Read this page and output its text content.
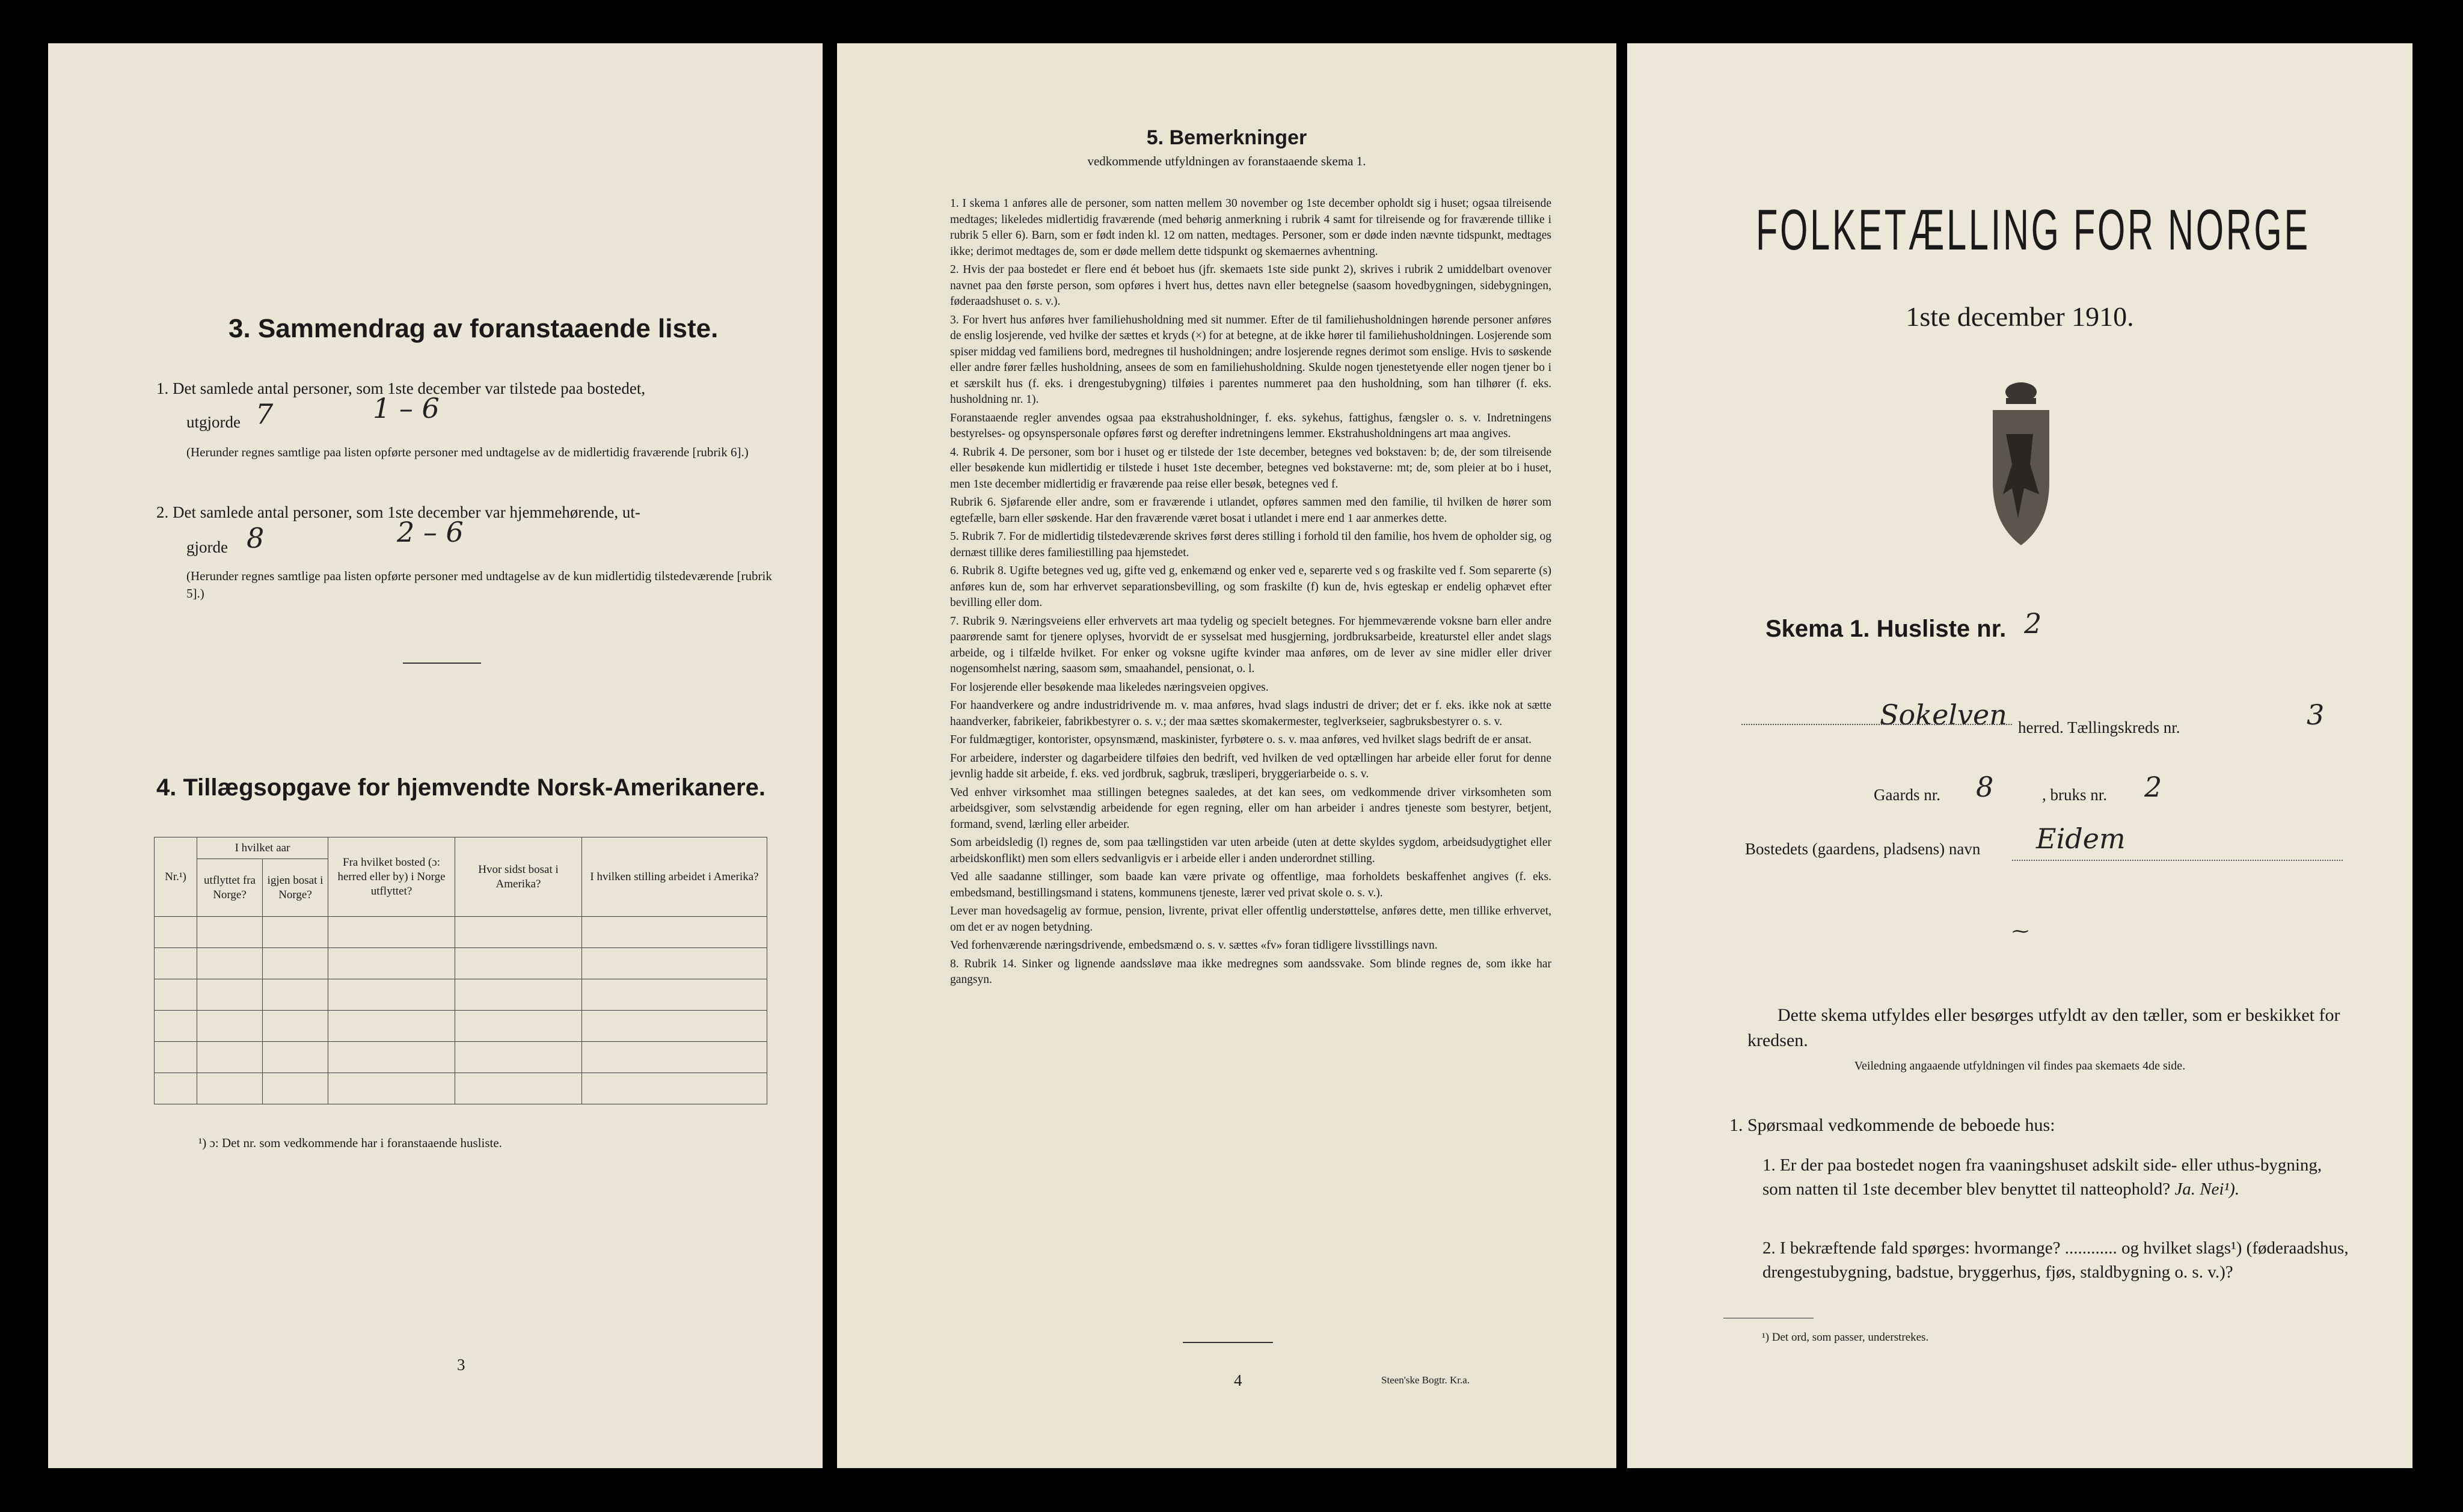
3. Sammendrag av foranstaaende liste.
1. Det samlede antal personer, som 1ste december var tilstede paa bostedet,
utgjorde 7	1 – 6
(Herunder regnes samtlige paa listen opførte personer med undtagelse av de midlertidig fraværende [rubrik 6].)
2. Det samlede antal personer, som 1ste december var hjemmehørende, ut-
gjorde 8	2 – 6
(Herunder regnes samtlige paa listen opførte personer med undtagelse av de kun midlertidig tilstedeværende [rubrik 5].)
4. Tillægsopgave for hjemvendte Norsk-Amerikanere.
Nr.¹)	I hvilket aar		Fra hvilket bosted (ɔ: herred eller by) i Norge utflyttet?	Hvor sidst bosat i Amerika?	I hvilken stilling arbeidet i Amerika?
	utflyttet fra Norge?	igjen bosat i Norge?			

¹) ɔ: Det nr. som vedkommende har i foranstaaende husliste.
3
5. Bemerkninger
vedkommende utfyldningen av foranstaaende skema 1.

1. I skema 1 anføres alle de personer, som natten mellem 30 november og 1ste december opholdt sig i huset; ogsaa tilreisende medtages; likeledes midlertidig fraværende (med behørig anmerkning i rubrik 4 samt for tilreisende og for fraværende tillike i rubrik 5 eller 6). Barn, som er født inden kl. 12 om natten, medtages. Personer, som er døde inden nævnte tidspunkt, medtages ikke; derimot medtages de, som er døde mellem dette tidspunkt og skemaernes avhentning.

2. Hvis der paa bostedet er flere end ét beboet hus (jfr. skemaets 1ste side punkt 2), skrives i rubrik 2 umiddelbart ovenover navnet paa den første person, som opføres i hvert hus, dettes navn eller betegnelse (saasom hovedbygningen, sidebygningen, føderaadshuset o. s. v.).

3. For hvert hus anføres hver familiehusholdning med sit nummer. Efter de til familiehusholdningen hørende personer anføres de enslig losjerende, ved hvilke der sættes et kryds (×) for at betegne, at de ikke hører til familiehusholdningen. Losjerende som spiser middag ved familiens bord, medregnes til husholdningen; andre losjerende regnes derimot som enslige. Hvis to søskende eller andre fører fælles husholdning, ansees de som en familiehusholdning. Skulde nogen tjenestetyende eller nogen tjener bo i et særskilt hus (f. eks. i drengestubygning) tilføies i parentes nummeret paa den husholdning, som han tilhører (f. eks. husholdning nr. 1).

Foranstaaende regler anvendes ogsaa paa ekstrahusholdninger, f. eks. sykehus, fattighus, fængsler o. s. v. Indretningens bestyrelses- og opsynspersonale opføres først og derefter indretningens lemmer. Ekstrahusholdningens art maa angives.

4. Rubrik 4. De personer, som bor i huset og er tilstede der 1ste december, betegnes ved bokstaven: b; de, der som tilreisende eller besøkende kun midlertidig er tilstede i huset 1ste december, betegnes ved bokstaverne: mt; de, som pleier at bo i huset, men 1ste december midlertidig er fraværende paa reise eller besøk, betegnes ved f.

Rubrik 6. Sjøfarende eller andre, som er fraværende i utlandet, opføres sammen med den familie, til hvilken de hører som egtefælle, barn eller søskende. Har den fraværende været bosat i utlandet i mere end 1 aar anmerkes dette.

5. Rubrik 7. For de midlertidig tilstedeværende skrives først deres stilling i forhold til den familie, hos hvem de opholder sig, og dernæst tillike deres familiestilling paa hjemstedet.

6. Rubrik 8. Ugifte betegnes ved ug, gifte ved g, enkemænd og enker ved e, separerte ved s og fraskilte ved f. Som separerte (s) anføres kun de, som har erhvervet separationsbevilling, og som fraskilte (f) kun de, hvis egteskap er endelig ophævet efter bevilling eller dom.

7. Rubrik 9. Næringsveiens eller erhvervets art maa tydelig og specielt betegnes. For hjemmeværende voksne barn eller andre paarørende samt for tjenere oplyses, hvorvidt de er sysselsat med husgjerning, jordbruksarbeide, kreaturstel eller andet slags arbeide, og i tilfælde hvilket. For enker og voksne ugifte kvinder maa anføres, om de lever av sine midler eller driver nogensomhelst næring, saasom søm, smaahandel, pensionat, o. l.

For losjerende eller besøkende maa likeledes næringsveien opgives.

For haandverkere og andre industridrivende m. v. maa anføres, hvad slags industri de driver; det er f. eks. ikke nok at sætte haandverker, fabrikeier, fabrikbestyrer o. s. v.; der maa sættes skomakermester, teglverkseier, sagbruksbestyrer o. s. v.

For fuldmægtiger, kontorister, opsynsmænd, maskinister, fyrbøtere o. s. v. maa anføres, ved hvilket slags bedrift de er ansat.

For arbeidere, inderster og dagarbeidere tilføies den bedrift, ved hvilken de ved optællingen har arbeide eller forut for denne jevnlig hadde sit arbeide, f. eks. ved jordbruk, sagbruk, træsliperi, bryggeriarbeide o. s. v.

Ved enhver virksomhet maa stillingen betegnes saaledes, at det kan sees, om vedkommende driver virksomheten som arbeidsgiver, som selvstændig arbeidende for egen regning, eller om han arbeider i andres tjeneste som bestyrer, betjent, formand, svend, lærling eller arbeider.

Som arbeidsledig (l) regnes de, som paa tællingstiden var uten arbeide (uten at dette skyldes sygdom, arbeidsudygtighet eller arbeidskonflikt) men som ellers sedvanligvis er i arbeide eller i anden underordnet stilling.

Ved alle saadanne stillinger, som baade kan være private og offentlige, maa forholdets beskaffenhet angives (f. eks. embedsmand, bestillingsmand i statens, kommunens tjeneste, lærer ved privat skole o. s. v.).

Lever man hovedsagelig av formue, pension, livrente, privat eller offentlig understøttelse, anføres dette, men tillike erhvervet, om det er av nogen betydning.

Ved forhenværende næringsdrivende, embedsmænd o. s. v. sættes «fv» foran tidligere livsstillings navn.

8. Rubrik 14. Sinker og lignende aandssløve maa ikke medregnes som aandssvake. Som blinde regnes de, som ikke har gangsyn.

4	Steen'ske Bogtr. Kr.a.
FOLKETÆLLING FOR NORGE
1ste december 1910.
Skema 1. Husliste nr. 2
Sokelven herred. Tællingskreds nr.	3
Gaards nr. 8	, bruks nr. 2
Bostedets (gaardens, pladsens) navn Eidem
⁓
Dette skema utfyldes eller besørges utfyldt av den tæller, som er beskikket for kredsen.
Veiledning angaaende utfyldningen vil findes paa skemaets 4de side.
1. Spørsmaal vedkommende de beboede hus:
1. Er der paa bostedet nogen fra vaaningshuset adskilt side- eller uthus-bygning, som natten til 1ste december blev benyttet til natteophold? Ja. Nei¹).
2. I bekræftende fald spørges: hvormange? ............ og hvilket slags¹) (føderaadshus, drengestubygning, badstue, bryggerhus, fjøs, staldbygning o. s. v.)?
¹) Det ord, som passer, understrekes.
